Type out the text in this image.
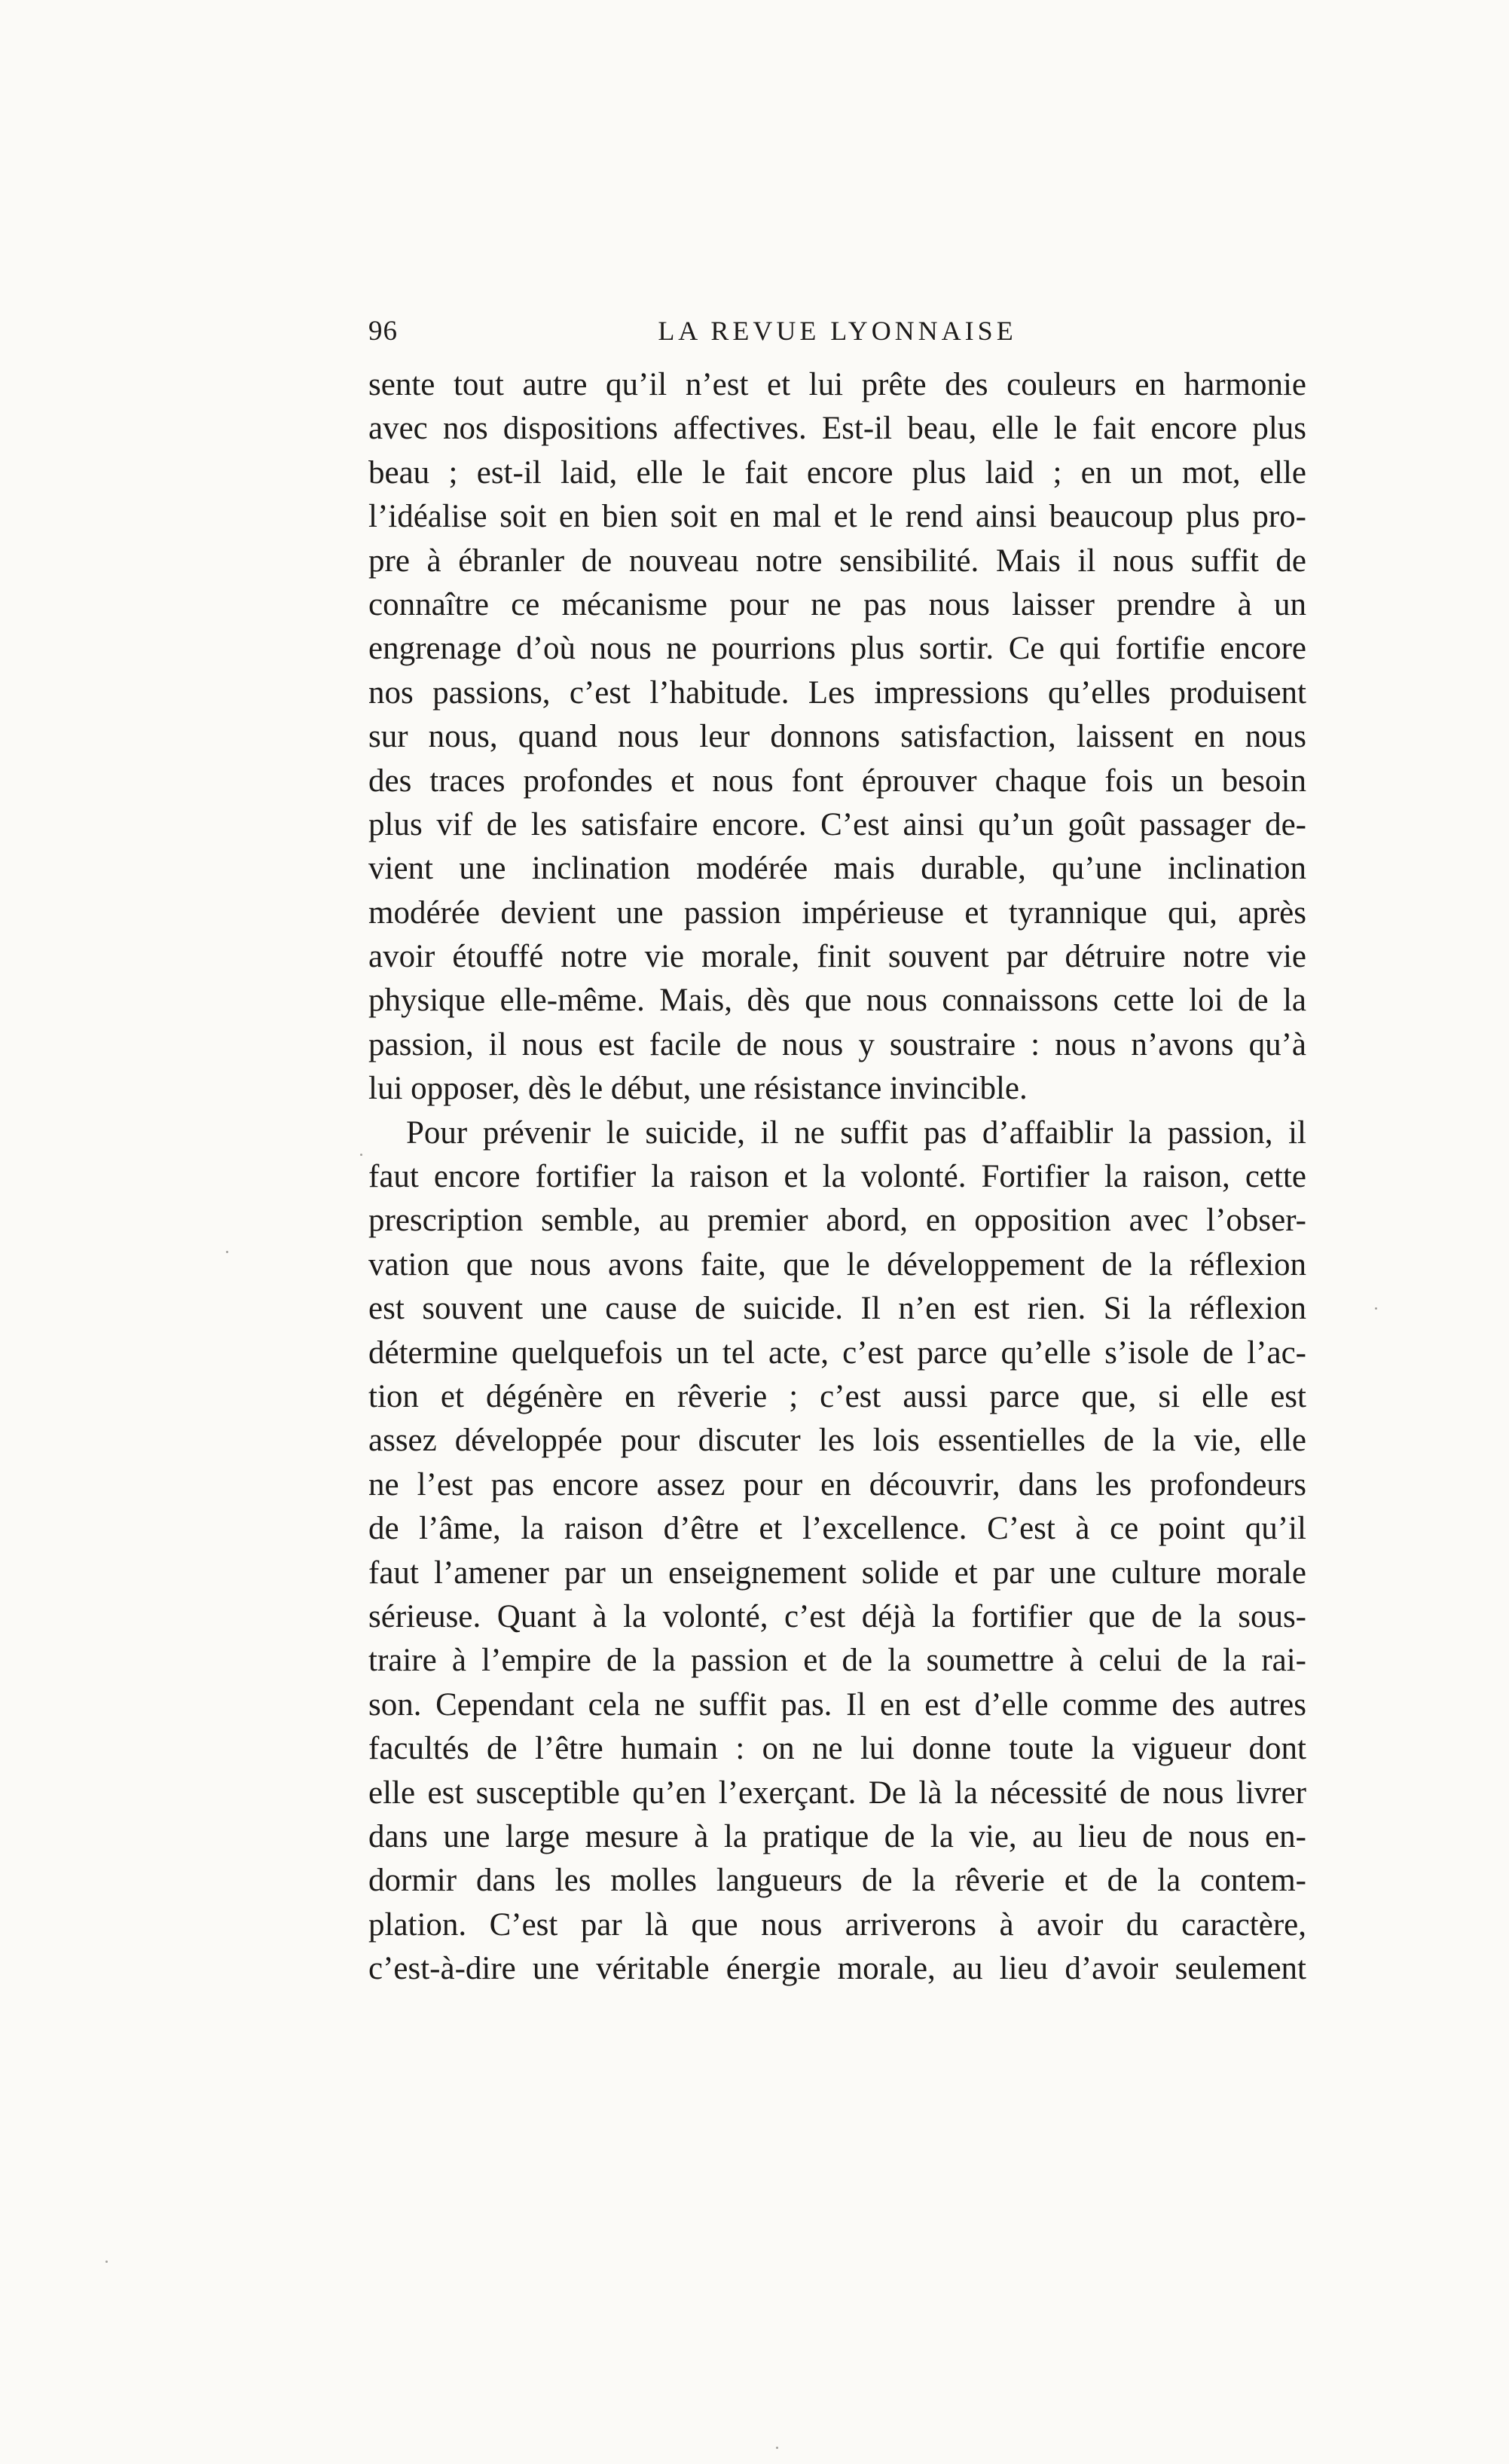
96	LA REVUE LYONNAISE
sente tout autre qu’il n’est et lui prête des couleurs en harmonie
avec nos dispositions affectives. Est-il beau, elle le fait encore plus
beau ; est-il laid, elle le fait encore plus laid ; en un mot, elle
l’idéalise soit en bien soit en mal et le rend ainsi beaucoup plus pro-
pre à ébranler de nouveau notre sensibilité. Mais il nous suffit de
connaître ce mécanisme pour ne pas nous laisser prendre à un
engrenage d’où nous ne pourrions plus sortir. Ce qui fortifie encore
nos passions, c’est l’habitude. Les impressions qu’elles produisent
sur nous, quand nous leur donnons satisfaction, laissent en nous
des traces profondes et nous font éprouver chaque fois un besoin
plus vif de les satisfaire encore. C’est ainsi qu’un goût passager de-
vient une inclination modérée mais durable, qu’une inclination
modérée devient une passion impérieuse et tyrannique qui, après
avoir étouffé notre vie morale, finit souvent par détruire notre vie
physique elle-même. Mais, dès que nous connaissons cette loi de la
passion, il nous est facile de nous y soustraire : nous n’avons qu’à
lui opposer, dès le début, une résistance invincible.
Pour prévenir le suicide, il ne suffit pas d’affaiblir la passion, il
faut encore fortifier la raison et la volonté. Fortifier la raison, cette
prescription semble, au premier abord, en opposition avec l’obser-
vation que nous avons faite, que le développement de la réflexion
est souvent une cause de suicide. Il n’en est rien. Si la réflexion
détermine quelquefois un tel acte, c’est parce qu’elle s’isole de l’ac-
tion et dégénère en rêverie ; c’est aussi parce que, si elle est
assez développée pour discuter les lois essentielles de la vie, elle
ne l’est pas encore assez pour en découvrir, dans les profondeurs
de l’âme, la raison d’être et l’excellence. C’est à ce point qu’il
faut l’amener par un enseignement solide et par une culture morale
sérieuse. Quant à la volonté, c’est déjà la fortifier que de la sous-
traire à l’empire de la passion et de la soumettre à celui de la rai-
son. Cependant cela ne suffit pas. Il en est d’elle comme des autres
facultés de l’être humain : on ne lui donne toute la vigueur dont
elle est susceptible qu’en l’exerçant. De là la nécessité de nous livrer
dans une large mesure à la pratique de la vie, au lieu de nous en-
dormir dans les molles langueurs de la rêverie et de la contem-
plation. C’est par là que nous arriverons à avoir du caractère,
c’est-à-dire une véritable énergie morale, au lieu d’avoir seulement
